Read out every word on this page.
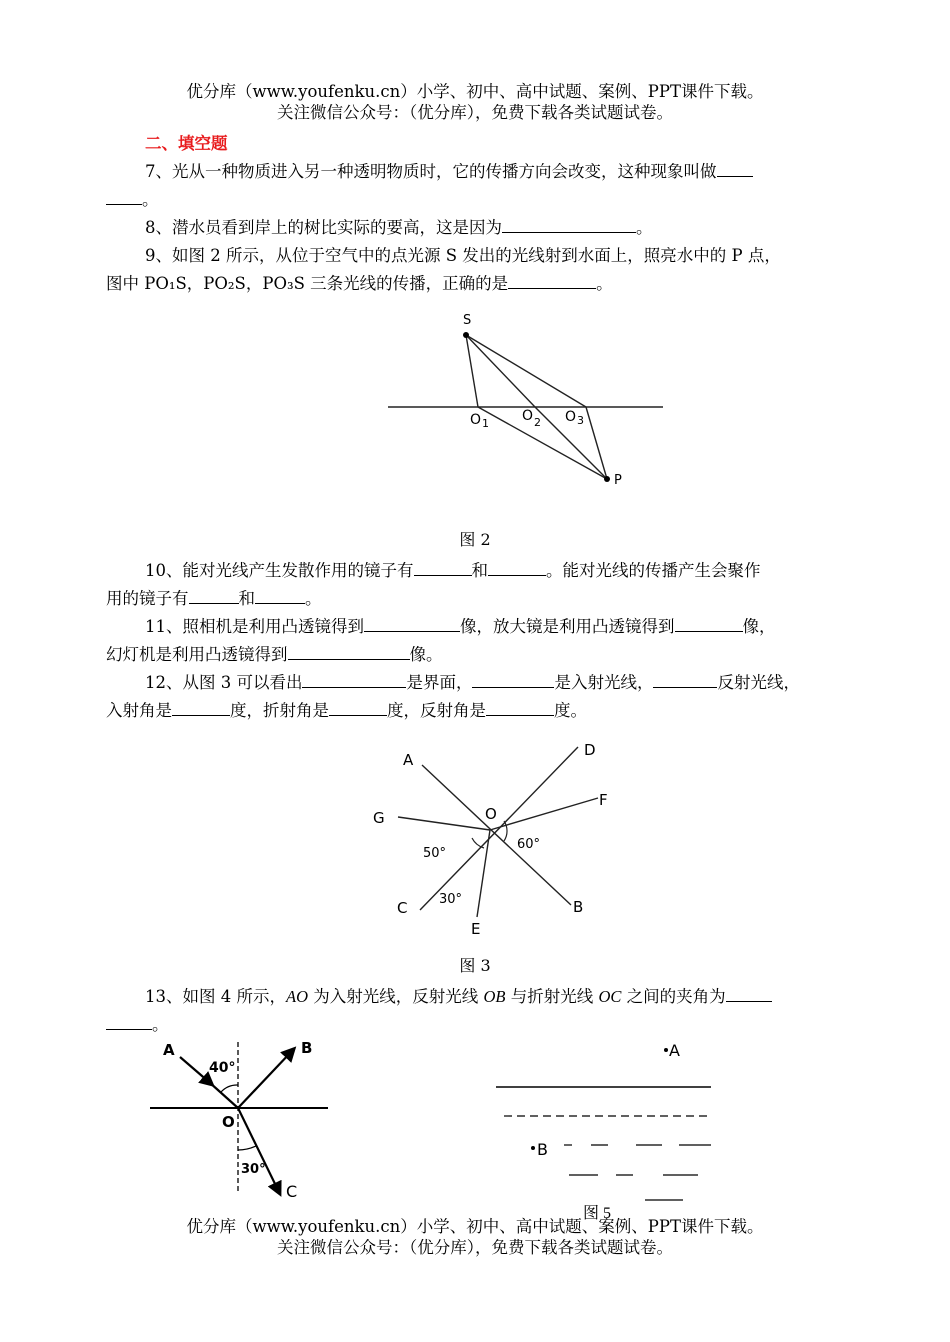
优分库（www.youfenku.cn）小学、初中、高中试题、案例、PPT课件下载。
关注微信公众号：（优分库），免费下载各类试题试卷。
二、填空题
7、光从一种物质进入另一种透明物质时，它的传播方向会改变，这种现象叫做
。
8、潜水员看到岸上的树比实际的要高，这是因为	。
9、如图 2 所示，从位于空气中的点光源 S 发出的光线射到水面上，照亮水中的 P 点，
图中 PO₁S，PO₂S，PO₃S 三条光线的传播，正确的是	。
S
P
O 1 O 2 O 3
图 2
10、能对光线产生发散作用的镜子有	和	。能对光线的传播产生会聚作
用的镜子有	和	。
11、照相机是利用凸透镜得到	像，放大镜是利用凸透镜得到	像，
幻灯机是利用凸透镜得到	像。
12、从图 3 可以看出	是界面，	是入射光线，	反射光线，
入射角是	度，折射角是	度，反射角是	度。
A
D
F
G	O
60°
50°
30°
C	B
E
图 3
13、如图 4 所示，AO 为入射光线，反射光线 OB 与折射光线 OC 之间的夹角为
。
A
40°
B
O
30°
C
A
B
图 5
优分库（www.youfenku.cn）小学、初中、高中试题、案例、PPT课件下载。
关注微信公众号：（优分库），免费下载各类试题试卷。
